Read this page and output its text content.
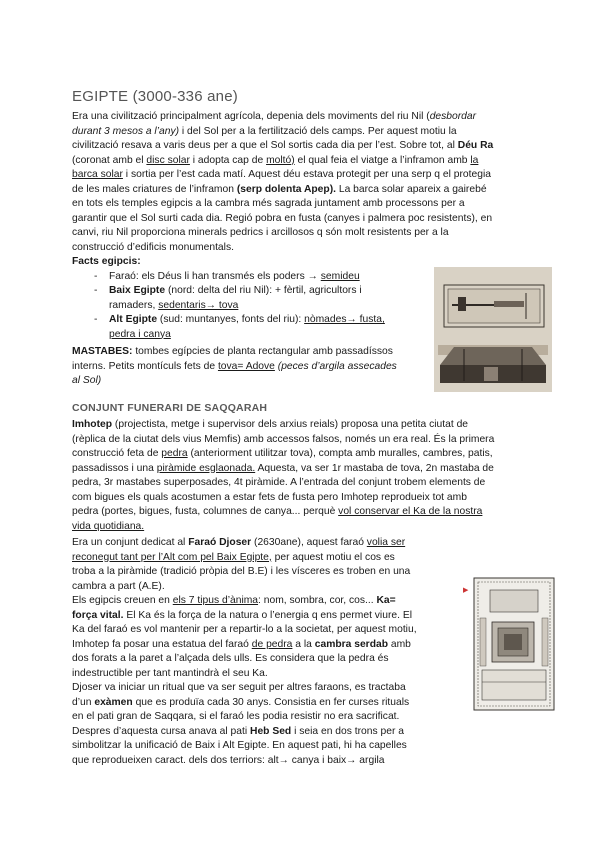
EGIPTE (3000-336 ane)
Era una civilització principalment agrícola, depenia dels moviments del riu Nil (desbordar
durant 3 mesos a l’any) i del Sol per a la fertilització dels camps. Per aquest motiu la
civilització resava a varis deus per a que el Sol sortis cada dia per l’est. Sobre tot, al Déu Ra
(coronat amb el disc solar i adopta cap de moltó) el qual feia el viatge a l’inframon amb la
barca solar i sortia per l’est cada matí. Aquest déu estava protegit per una serp q el protegia
de les males criatures de l’inframon (serp dolenta Apep). La barca solar apareix a gairebé
en tots els temples egipcis a la cambra més sagrada juntament amb processons per a
garantir que el Sol surti cada dia. Regió pobra en fusta (canyes i palmera poc resistents), en
canvi, riu Nil proporciona minerals pedrics i arcillosos q són molt resistents per a la
construcció d’edificis monumentals.
Facts egipcis:
- Faraó: els Déus li han transmés els poders → semideu
- Baix Egipte (nord: delta del riu Nil): + fèrtil, agricultors i
ramaders, sedentaris→ tova
- Alt Egipte (sud: muntanyes, fonts del riu): nòmades→ fusta,
pedra i canya
MASTABES: tombes egípcies de planta rectangular amb passadíssos
interns. Petits montículs fets de tova= Adove (peces d’argila assecades
al Sol)
CONJUNT FUNERARI DE SAQQARAH
Imhotep (projectista, metge i supervisor dels arxius reials) proposa una petita ciutat de
(rèplica de la ciutat dels vius Memfis) amb accessos falsos, només un era real. És la primera
construcció feta de pedra (anteriorment utilitzar tova), compta amb muralles, cambres, patis,
passadissos i una piràmide esglaonada. Aquesta, va ser 1r mastaba de tova, 2n mastaba de
pedra, 3r mastabes superposades, 4t piràmide. A l’entrada del conjunt trobem elements de
com bigues els quals acostumen a estar fets de fusta pero Imhotep reprodueix tot amb
pedra (portes, bigues, fusta, columnes de canya... perquè vol conservar el Ka de la nostra
vida quotidiana.
Era un conjunt dedicat al Faraó Djoser (2630ane), aquest faraó volia ser
reconegut tant per l’Alt com pel Baix Egipte, per aquest motiu el cos es
troba a la piràmide (tradició pròpia del B.E) i les vísceres es troben en una
cambra a part (A.E).
Els egipcis creuen en els 7 tipus d’ànima: nom, sombra, cor, cos... Ka=
força vital. El Ka és la força de la natura o l’energia q ens permet viure. El
Ka del faraó es vol mantenir per a repartir-lo a la societat, per aquest motiu,
Imhotep fa posar una estatua del faraó de pedra a la cambra serdab amb
dos forats a la paret a l’alçada dels ulls. Es considera que la pedra és
indestructible per tant mantindrà el seu Ka.
Djoser va iniciar un ritual que va ser seguit per altres faraons, es tractaba
d’un exàmen que es produïa cada 30 anys. Consistia en fer curses rituals
en el pati gran de Saqqara, si el faraó les podia resistir no era sacrificat.
Despres d’aquesta cursa anava al pati Heb Sed i seia en dos trons per a
simbolitzar la unificació de Baix i Alt Egipte. En aquest pati, hi ha capelles
que reprodueixen caract. dels dos terriors: alt→ canya i baix→ argila
▶
